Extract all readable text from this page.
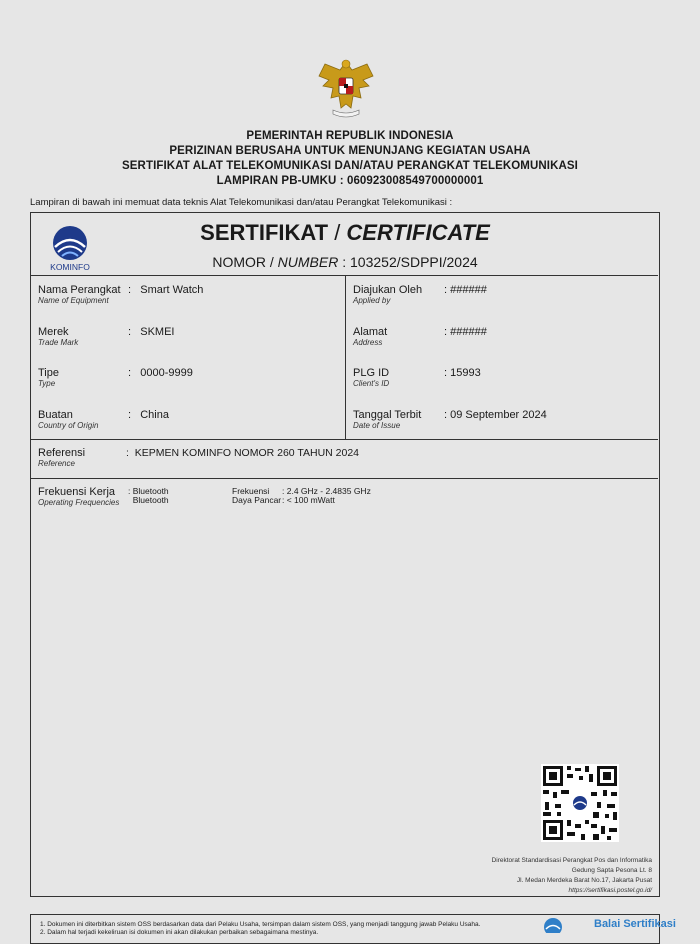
PEMERINTAH REPUBLIK INDONESIA
PERIZINAN BERUSAHA UNTUK MENUNJANG KEGIATAN USAHA
SERTIFIKAT ALAT TELEKOMUNIKASI DAN/ATAU PERANGKAT TELEKOMUNIKASI
LAMPIRAN PB-UMKU : 060923008549700000001
Lampiran di bawah ini memuat data teknis Alat Telekomunikasi dan/atau Perangkat Telekomunikasi :
KOMINFO
SERTIFIKAT / CERTIFICATE
NOMOR / NUMBER : 103252/SDPPI/2024
Nama Perangkat
Name of Equipment
:   Smart Watch
Merek
Trade Mark
:   SKMEI
Tipe
Type
:   0000-9999
Buatan
Country of Origin
:   China
Diajukan Oleh
Applied by
: ######
Alamat
Address
: ######
PLG ID
Client's ID
: 15993
Tanggal Terbit
Date of Issue
: 09 September 2024
Referensi
Reference
:  KEPMEN KOMINFO NOMOR 260 TAHUN 2024
Frekuensi Kerja
Operating Frequencies
: Bluetooth
Bluetooth
Frekuensi
Daya Pancar
: 2.4 GHz - 2.4835 GHz
: < 100 mWatt
Direktorat Standardisasi Perangkat Pos dan Informatika
Gedung Sapta Pesona Lt. 8
Jl. Medan Merdeka Barat No.17, Jakarta Pusat
https://sertifikasi.postel.go.id/
1. Dokumen ini diterbitkan sistem OSS berdasarkan data dari Pelaku Usaha, tersimpan dalam sistem OSS, yang menjadi tanggung jawab Pelaku Usaha.
2. Dalam hal terjadi kekeliruan isi dokumen ini akan dilakukan perbaikan sebagaimana mestinya.
Balai Sertifikasi
